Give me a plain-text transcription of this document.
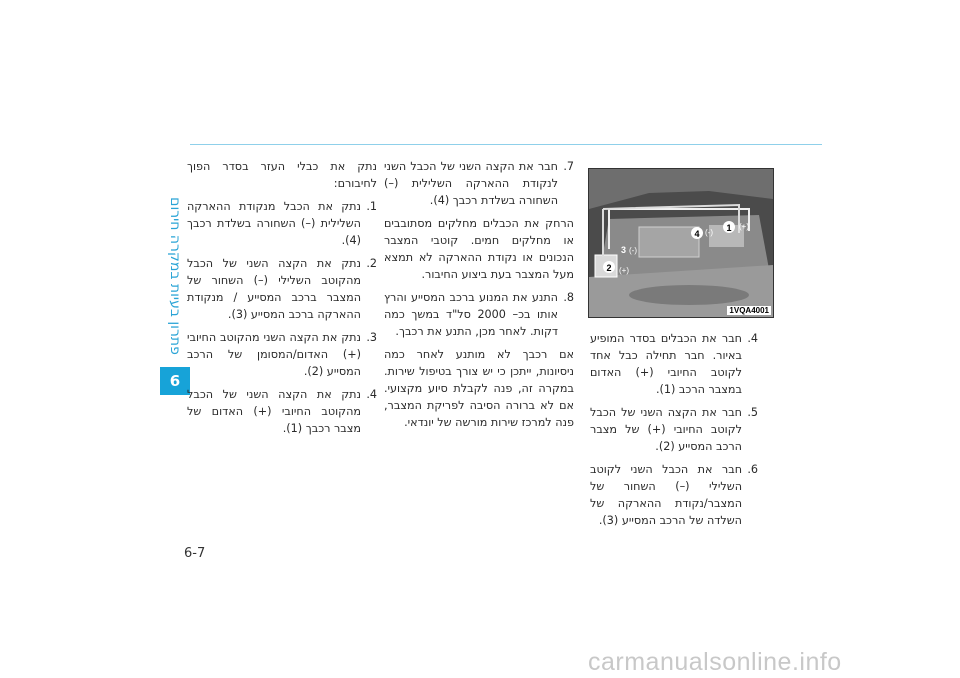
פתרון בעיות במקרה חירום
6
6-7
1
2
3
4
(+)
(+)
(-)
(-)
1VQA4001
4.
חבר את הכבלים בסדר המופיע באיור. חבר תחילה כבל אחד לקוטב החיובי (+) האדום במצבר הרכב (1).
5.
חבר את הקצה השני של הכבל לקוטב החיובי (+) של מצבר הרכב המסייע (2).
6.
חבר את הכבל השני לקוטב השלילי (–) השחור של המצבר/נקודת ההארקה של השלדה של הרכב המסייע (3).
7.
חבר את הקצה השני של הכבל השני לנקודת ההארקה השלילית (–) השחורה בשלדת רכבך (4).

הרחק את הכבלים מחלקים מסתובבים או מחלקים חמים. קוטבי המצבר הנכונים או נקודת ההארקה לא תמצא מעל המצבר בעת ביצוע החיבור.

8.
התנע את המנוע ברכב המסייע והרץ אותו בכ– 2000 סל"ד במשך כמה דקות. לאחר מכן, התנע את רכבך.

אם רכבך לא מותנע לאחר כמה ניסיונות, ייתכן כי יש צורך בטיפול שירות. במקרה זה, פנה לקבלת סיוע מקצועי. אם לא ברורה הסיבה לפריקת המצבר, פנה למרכז שירות מורשה של יונדאי.

נתק את כבלי העזר בסדר הפוך לחיבורם:

1.
נתק את הכבל מנקודת ההארקה השלילית (–) השחורה בשלדת רכבך (4).
2.
נתק את הקצה השני של הכבל מהקוטב השלילי (–) השחור של המצבר ברכב המסייע / מנקודת ההארקה ברכב המסייע (3).
3.
נתק את הקצה השני מהקוטב החיובי (+) האדום/המסומן של הרכב המסייע (2).
4.
נתק את הקצה השני של הכבל מהקוטב החיובי (+) האדום של מצבר רכבך (1).
carmanualsonline.info
